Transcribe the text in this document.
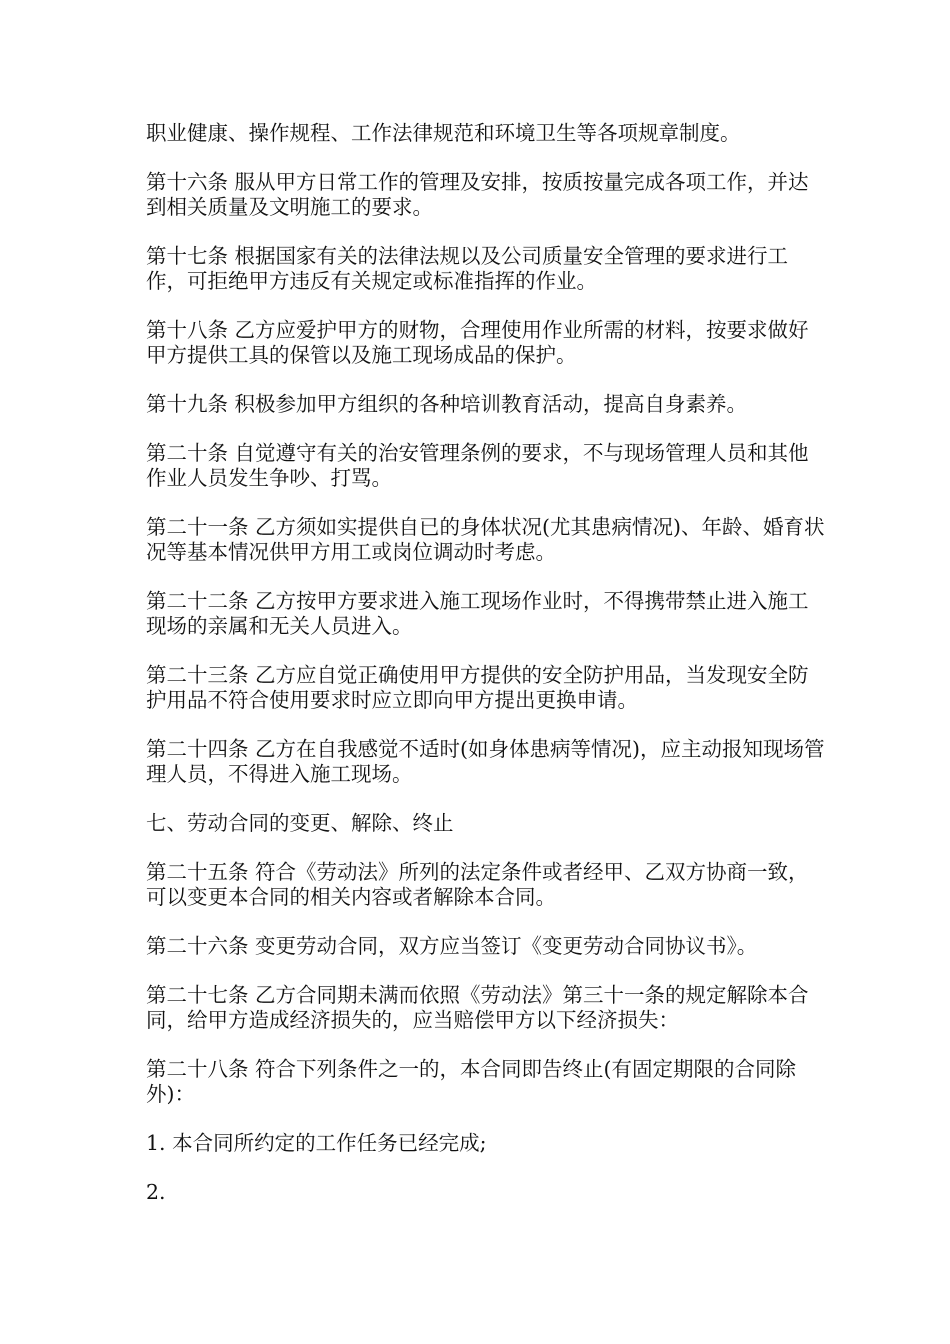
职业健康、操作规程、工作法律规范和环境卫生等各项规章制度。

第十六条 服从甲方日常工作的管理及安排，按质按量完成各项工作，并达到相关质量及文明施工的要求。

第十七条 根据国家有关的法律法规以及公司质量安全管理的要求进行工作，可拒绝甲方违反有关规定或标准指挥的作业。

第十八条 乙方应爱护甲方的财物，合理使用作业所需的材料，按要求做好甲方提供工具的保管以及施工现场成品的保护。

第十九条 积极参加甲方组织的各种培训教育活动，提高自身素养。

第二十条 自觉遵守有关的治安管理条例的要求，不与现场管理人员和其他作业人员发生争吵、打骂。

第二十一条 乙方须如实提供自已的身体状况(尤其患病情况)、年龄、婚育状况等基本情况供甲方用工或岗位调动时考虑。

第二十二条 乙方按甲方要求进入施工现场作业时，不得携带禁止进入施工现场的亲属和无关人员进入。

第二十三条 乙方应自觉正确使用甲方提供的安全防护用品，当发现安全防护用品不符合使用要求时应立即向甲方提出更换申请。

第二十四条 乙方在自我感觉不适时(如身体患病等情况)，应主动报知现场管理人员，不得进入施工现场。

七、劳动合同的变更、解除、终止

第二十五条 符合《劳动法》所列的法定条件或者经甲、乙双方协商一致，可以变更本合同的相关内容或者解除本合同。

第二十六条 变更劳动合同，双方应当签订《变更劳动合同协议书》。

第二十七条 乙方合同期未满而依照《劳动法》第三十一条的规定解除本合同，给甲方造成经济损失的，应当赔偿甲方以下经济损失：

第二十八条 符合下列条件之一的，本合同即告终止(有固定期限的合同除外)：

1. 本合同所约定的工作任务已经完成;

2.
